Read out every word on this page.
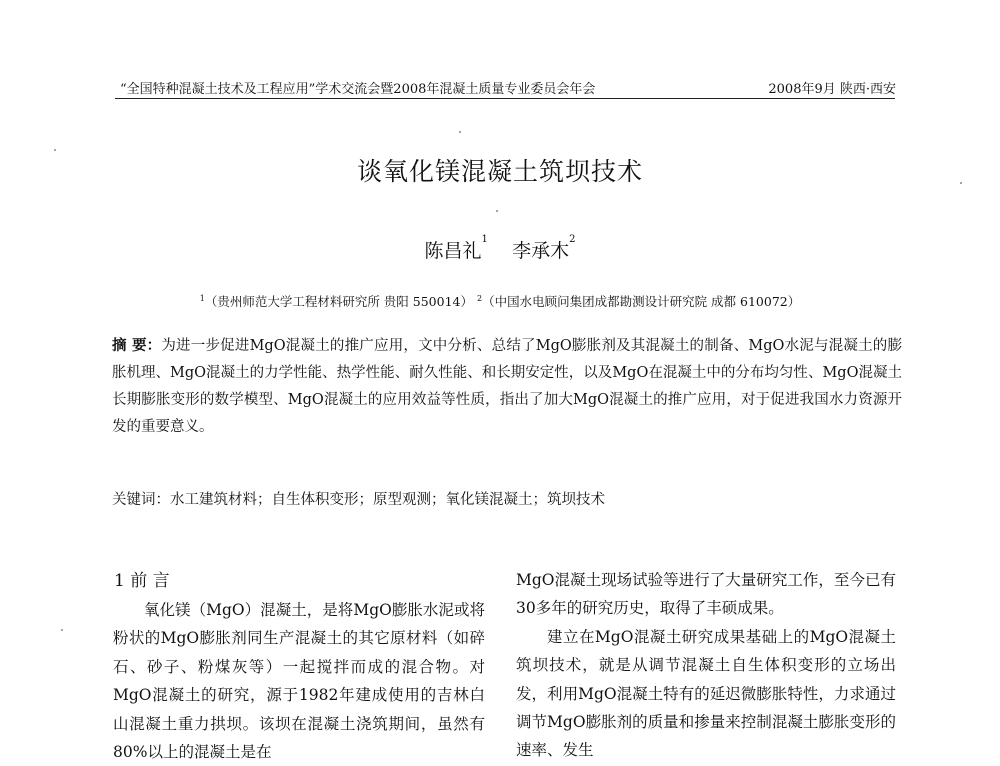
“全国特种混凝土技术及工程应用”学术交流会暨2008年混凝土质量专业委员会年会	2008年9月 陕西·西安
谈氧化镁混凝土筑坝技术
陈昌礼$^1$    李承木$^2$
$^1$（贵州师范大学工程材料研究所 贵阳 550014） $^2$（中国水电顾问集团成都勘测设计研究院 成都 610072）
摘 要：为进一步促进MgO混凝土的推广应用，文中分析、总结了MgO膨胀剂及其混凝土的制备、MgO水泥与混凝土的膨胀机理、MgO混凝土的力学性能、热学性能、耐久性能、和长期安定性，以及MgO在混凝土中的分布均匀性、MgO混凝土长期膨胀变形的数学模型、MgO混凝土的应用效益等性质，指出了加大MgO混凝土的推广应用，对于促进我国水力资源开发的重要意义。
关键词：水工建筑材料；自生体积变形；原型观测；氧化镁混凝土；筑坝技术
1 前 言
氧化镁（MgO）混凝土，是将MgO膨胀水泥或将粉状的MgO膨胀剂同生产混凝土的其它原材料（如碎石、砂子、粉煤灰等）一起搅拌而成的混合物。对MgO混凝土的研究，源于1982年建成使用的吉林白山混凝土重力拱坝。该坝在混凝土浇筑期间，虽然有80%以上的混凝土是在

MgO混凝土现场试验等进行了大量研究工作，至今已有30多年的研究历史，取得了丰硕成果。

建立在MgO混凝土研究成果基础上的MgO混凝土筑坝技术，就是从调节混凝土自生体积变形的立场出发，利用MgO混凝土特有的延迟微膨胀特性，力求通过调节MgO膨胀剂的质量和掺量来控制混凝土膨胀变形的速率、发生
